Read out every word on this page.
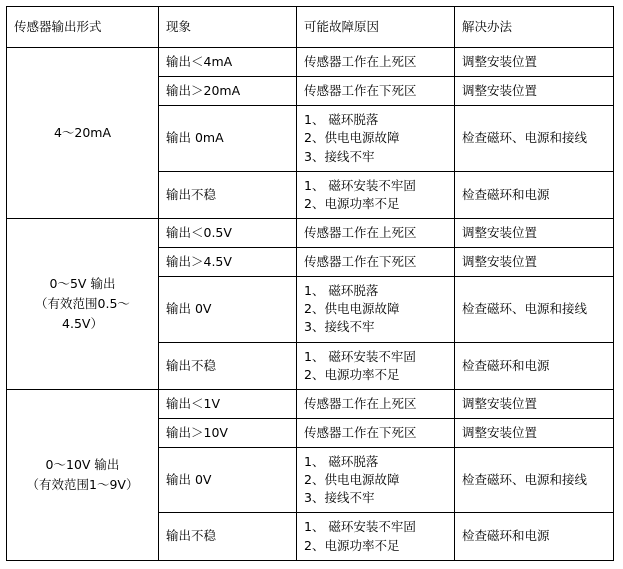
传感器输出形式	现象	可能故障原因	解决办法
4～20mA	输出＜4mA	传感器工作在上死区	调整安装位置
	输出＞20mA	传感器工作在下死区	调整安装位置
	输出 0mA	1、 磁环脱落
2、供电电源故障
3、接线不牢	检查磁环、电源和接线
	输出不稳	1、 磁环安装不牢固
2、电源功率不足	检查磁环和电源

0～5V 输出
（有效范围0.5～
4.5V）	输出＜0.5V	传感器工作在上死区	调整安装位置
	输出＞4.5V	传感器工作在下死区	调整安装位置
	输出 0V	1、 磁环脱落
2、供电电源故障
3、接线不牢	检查磁环、电源和接线
	输出不稳	1、 磁环安装不牢固
2、电源功率不足	检查磁环和电源

0～10V 输出
（有效范围1～9V）	输出＜1V	传感器工作在上死区	调整安装位置
	输出＞10V	传感器工作在下死区	调整安装位置
	输出 0V	1、 磁环脱落
2、供电电源故障
3、接线不牢	检查磁环、电源和接线
	输出不稳	1、 磁环安装不牢固
2、电源功率不足	检查磁环和电源
